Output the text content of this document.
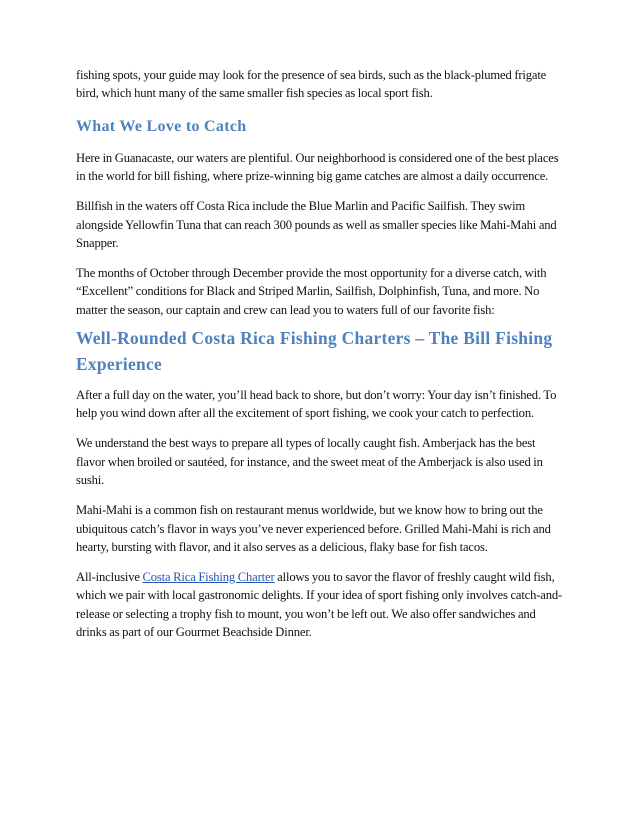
fishing spots, your guide may look for the presence of sea birds, such as the black-plumed frigate bird, which hunt many of the same smaller fish species as local sport fish.

What We Love to Catch

Here in Guanacaste, our waters are plentiful. Our neighborhood is considered one of the best places in the world for bill fishing, where prize-winning big game catches are almost a daily occurrence.

Billfish in the waters off Costa Rica include the Blue Marlin and Pacific Sailfish. They swim alongside Yellowfin Tuna that can reach 300 pounds as well as smaller species like Mahi-Mahi and Snapper.

The months of October through December provide the most opportunity for a diverse catch, with “Excellent” conditions for Black and Striped Marlin, Sailfish, Dolphinfish, Tuna, and more. No matter the season, our captain and crew can lead you to waters full of our favorite fish:

Well-Rounded Costa Rica Fishing Charters – The Bill Fishing Experience

After a full day on the water, you’ll head back to shore, but don’t worry: Your day isn’t finished. To help you wind down after all the excitement of sport fishing, we cook your catch to perfection.

We understand the best ways to prepare all types of locally caught fish. Amberjack has the best flavor when broiled or sautéed, for instance, and the sweet meat of the Amberjack is also used in sushi.

Mahi-Mahi is a common fish on restaurant menus worldwide, but we know how to bring out the ubiquitous catch’s flavor in ways you’ve never experienced before. Grilled Mahi-Mahi is rich and hearty, bursting with flavor, and it also serves as a delicious, flaky base for fish tacos.

All-inclusive Costa Rica Fishing Charter allows you to savor the flavor of freshly caught wild fish, which we pair with local gastronomic delights. If your idea of sport fishing only involves catch-and-release or selecting a trophy fish to mount, you won’t be left out. We also offer sandwiches and drinks as part of our Gourmet Beachside Dinner.
